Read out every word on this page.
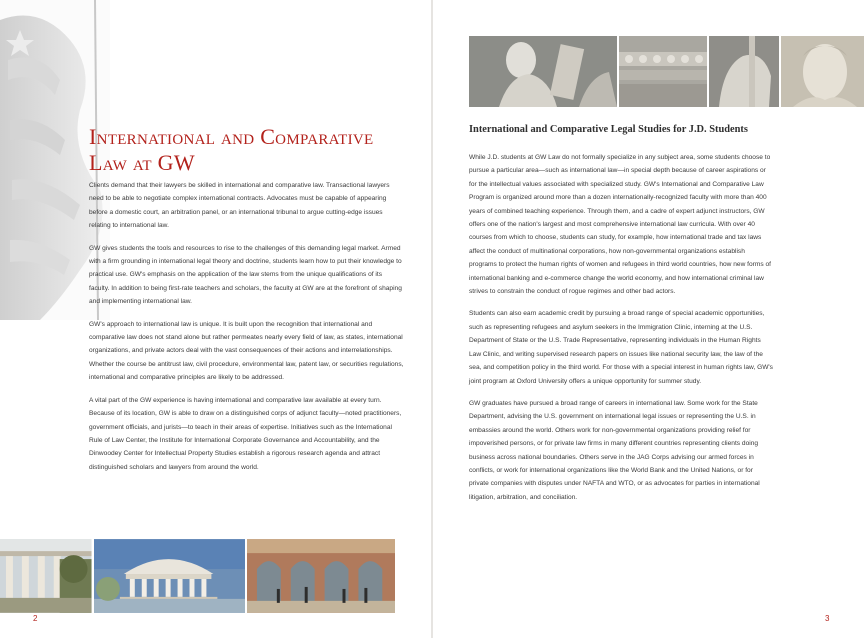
International and Comparative Law at GW

Clients demand that their lawyers be skilled in international and comparative law. Transactional lawyers need to be able to negotiate complex international contracts. Advocates must be capable of appearing before a domestic court, an arbitration panel, or an international tribunal to argue cutting-edge issues relating to international law.

GW gives students the tools and resources to rise to the challenges of this demanding legal market. Armed with a firm grounding in international legal theory and doctrine, students learn how to put their knowledge to practical use. GW's emphasis on the application of the law stems from the unique qualifications of its faculty. In addition to being first-rate teachers and scholars, the faculty at GW are at the forefront of shaping and implementing international law.

GW's approach to international law is unique. It is built upon the recognition that international and comparative law does not stand alone but rather permeates nearly every field of law, as states, international organizations, and private actors deal with the vast consequences of their actions and interrelationships. Whether the course be antitrust law, civil procedure, environmental law, patent law, or securities regulations, international and comparative principles are likely to be addressed.

A vital part of the GW experience is having international and comparative law available at every turn. Because of its location, GW is able to draw on a distinguished corps of adjunct faculty—noted practitioners, government officials, and jurists—to teach in their areas of expertise. Initiatives such as the International Rule of Law Center, the Institute for International Corporate Governance and Accountability, and the Dinwoodey Center for Intellectual Property Studies establish a rigorous research agenda and attract distinguished scholars and lawyers from around the world.

2
International and Comparative Legal Studies for J.D. Students

While J.D. students at GW Law do not formally specialize in any subject area, some students choose to pursue a particular area—such as international law—in special depth because of career aspirations or for the intellectual values associated with specialized study. GW's International and Comparative Law Program is organized around more than a dozen internationally-recognized faculty with more than 400 years of combined teaching experience. Through them, and a cadre of expert adjunct instructors, GW offers one of the nation's largest and most comprehensive international law curricula. With over 40 courses from which to choose, students can study, for example, how international trade and tax laws affect the conduct of multinational corporations, how non-governmental organizations establish programs to protect the human rights of women and refugees in third world countries, how new forms of international banking and e-commerce change the world economy, and how international criminal law strives to constrain the conduct of rogue regimes and other bad actors.

Students can also earn academic credit by pursuing a broad range of special academic opportunities, such as representing refugees and asylum seekers in the Immigration Clinic, interning at the U.S. Department of State or the U.S. Trade Representative, representing individuals in the Human Rights Law Clinic, and writing supervised research papers on issues like national security law, the law of the sea, and competition policy in the third world. For those with a special interest in human rights law, GW's joint program at Oxford University offers a unique opportunity for summer study.

GW graduates have pursued a broad range of careers in international law. Some work for the State Department, advising the U.S. government on international legal issues or representing the U.S. in embassies around the world. Others work for non-governmental organizations providing relief for impoverished persons, or for private law firms in many different countries representing clients doing business across national boundaries. Others serve in the JAG Corps advising our armed forces in conflicts, or work for international organizations like the World Bank and the United Nations, or for private companies with disputes under NAFTA and WTO, or as advocates for parties in international litigation, arbitration, and conciliation.

3
